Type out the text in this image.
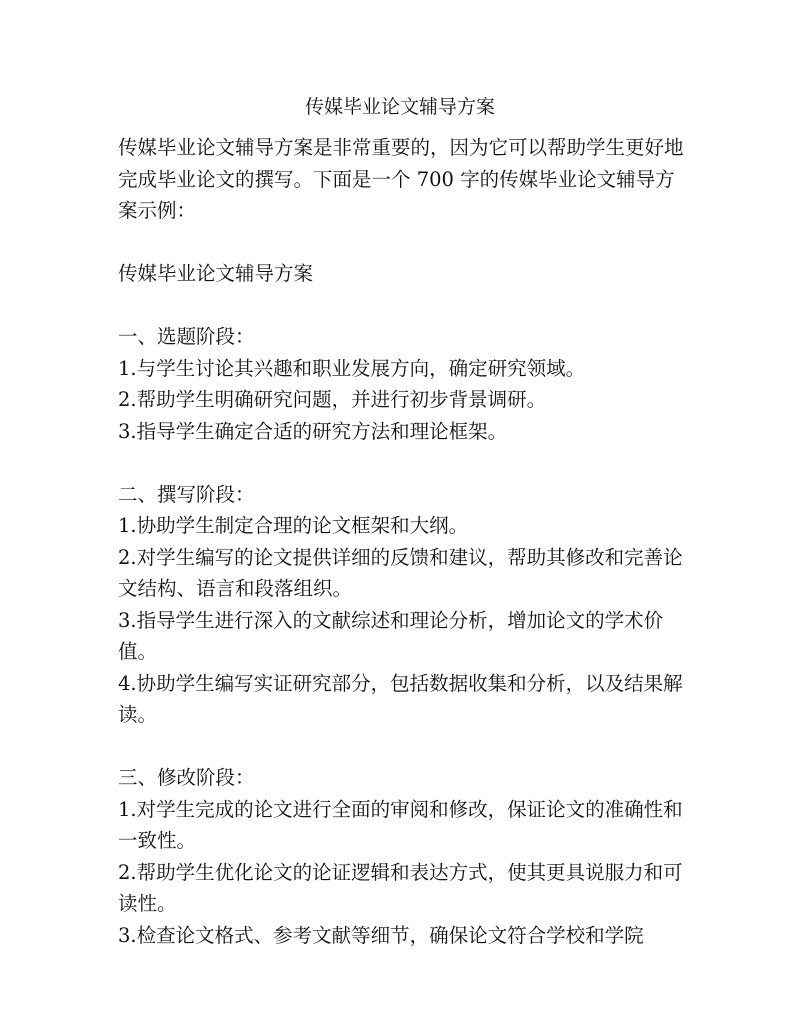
传媒毕业论文辅导方案

传媒毕业论文辅导方案是非常重要的，因为它可以帮助学生更好地完成毕业论文的撰写。下面是一个 700 字的传媒毕业论文辅导方案示例：

传媒毕业论文辅导方案

一、选题阶段：

1.与学生讨论其兴趣和职业发展方向，确定研究领域。

2.帮助学生明确研究问题，并进行初步背景调研。

3.指导学生确定合适的研究方法和理论框架。

二、撰写阶段：

1.协助学生制定合理的论文框架和大纲。

2.对学生编写的论文提供详细的反馈和建议，帮助其修改和完善论文结构、语言和段落组织。

3.指导学生进行深入的文献综述和理论分析，增加论文的学术价值。

4.协助学生编写实证研究部分，包括数据收集和分析，以及结果解读。

三、修改阶段：

1.对学生完成的论文进行全面的审阅和修改，保证论文的准确性和一致性。

2.帮助学生优化论文的论证逻辑和表达方式，使其更具说服力和可读性。

3.检查论文格式、参考文献等细节，确保论文符合学校和学院
